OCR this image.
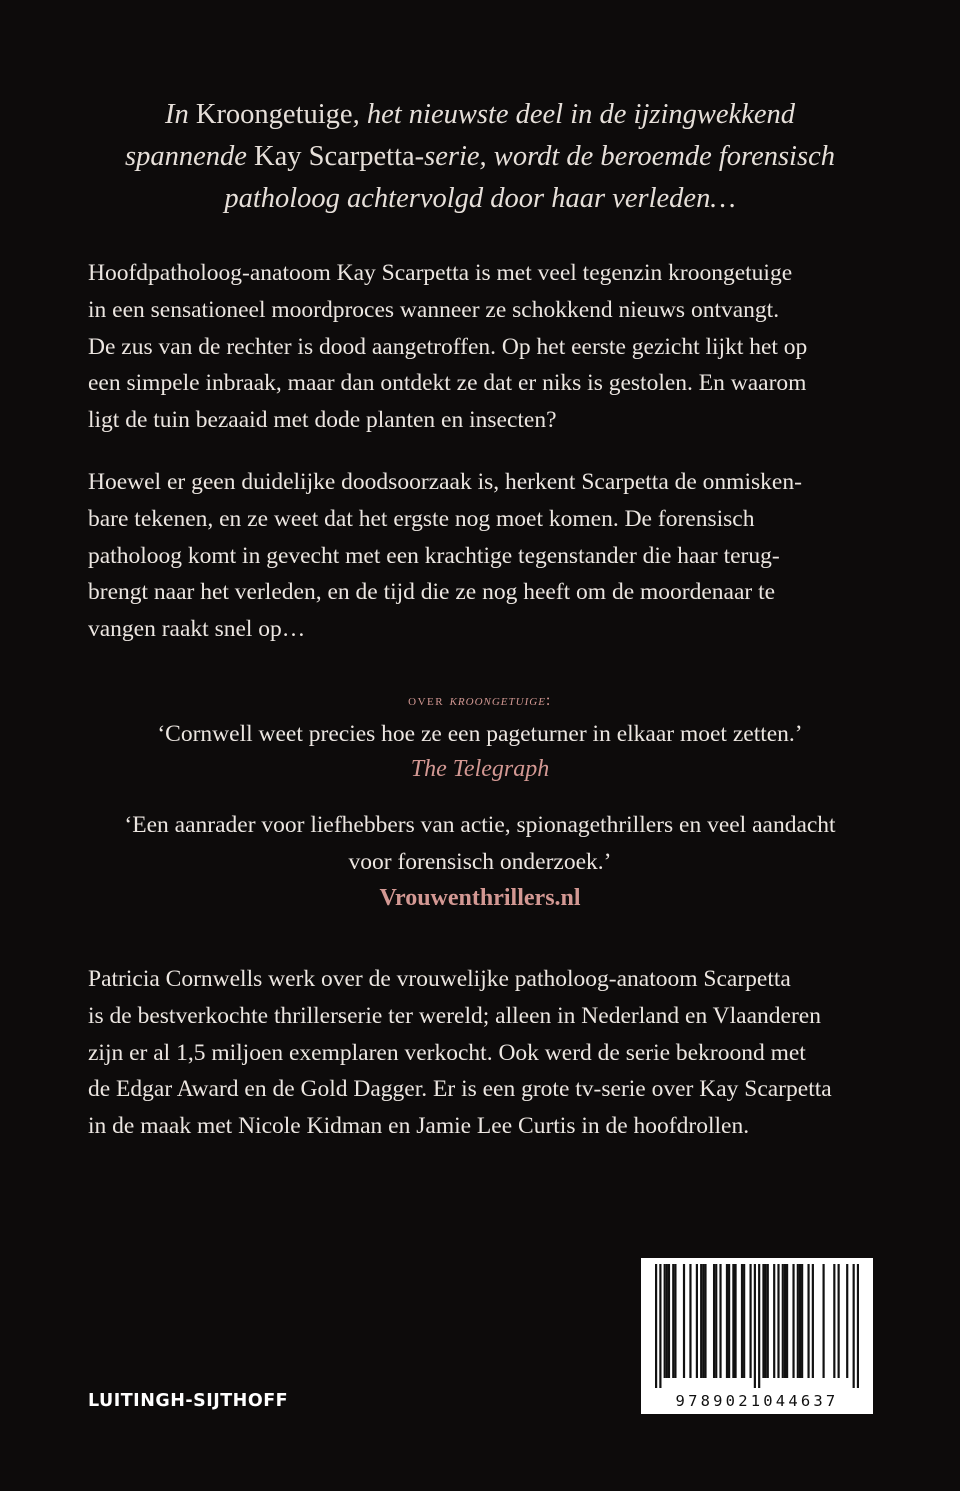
In Kroongetuige, het nieuwste deel in de ijzingwekkend
spannende Kay Scarpetta-serie, wordt de beroemde forensisch
patholoog achtervolgd door haar verleden…
Hoofdpatholoog-anatoom Kay Scarpetta is met veel tegenzin kroongetuige
in een sensationeel moordproces wanneer ze schokkend nieuws ontvangt.
De zus van de rechter is dood aangetroffen. Op het eerste gezicht lijkt het op
een simpele inbraak, maar dan ontdekt ze dat er niks is gestolen. En waarom
ligt de tuin bezaaid met dode planten en insecten?
Hoewel er geen duidelijke doodsoorzaak is, herkent Scarpetta de onmisken-
bare tekenen, en ze weet dat het ergste nog moet komen. De forensisch
patholoog komt in gevecht met een krachtige tegenstander die haar terug-
brengt naar het verleden, en de tijd die ze nog heeft om de moordenaar te
vangen raakt snel op…
over kroongetuige:
‘Cornwell weet precies hoe ze een pageturner in elkaar moet zetten.’
The Telegraph
‘Een aanrader voor liefhebbers van actie, spionagethrillers en veel aandacht
voor forensisch onderzoek.’
Vrouwenthrillers.nl
Patricia Cornwells werk over de vrouwelijke patholoog-anatoom Scarpetta
is de bestverkochte thrillerserie ter wereld; alleen in Nederland en Vlaanderen
zijn er al 1,5 miljoen exemplaren verkocht. Ook werd de serie bekroond met
de Edgar Award en de Gold Dagger. Er is een grote tv-serie over Kay Scarpetta
in de maak met Nicole Kidman en Jamie Lee Curtis in de hoofdrollen.
LUITINGH-SIJTHOFF	9789021044637
